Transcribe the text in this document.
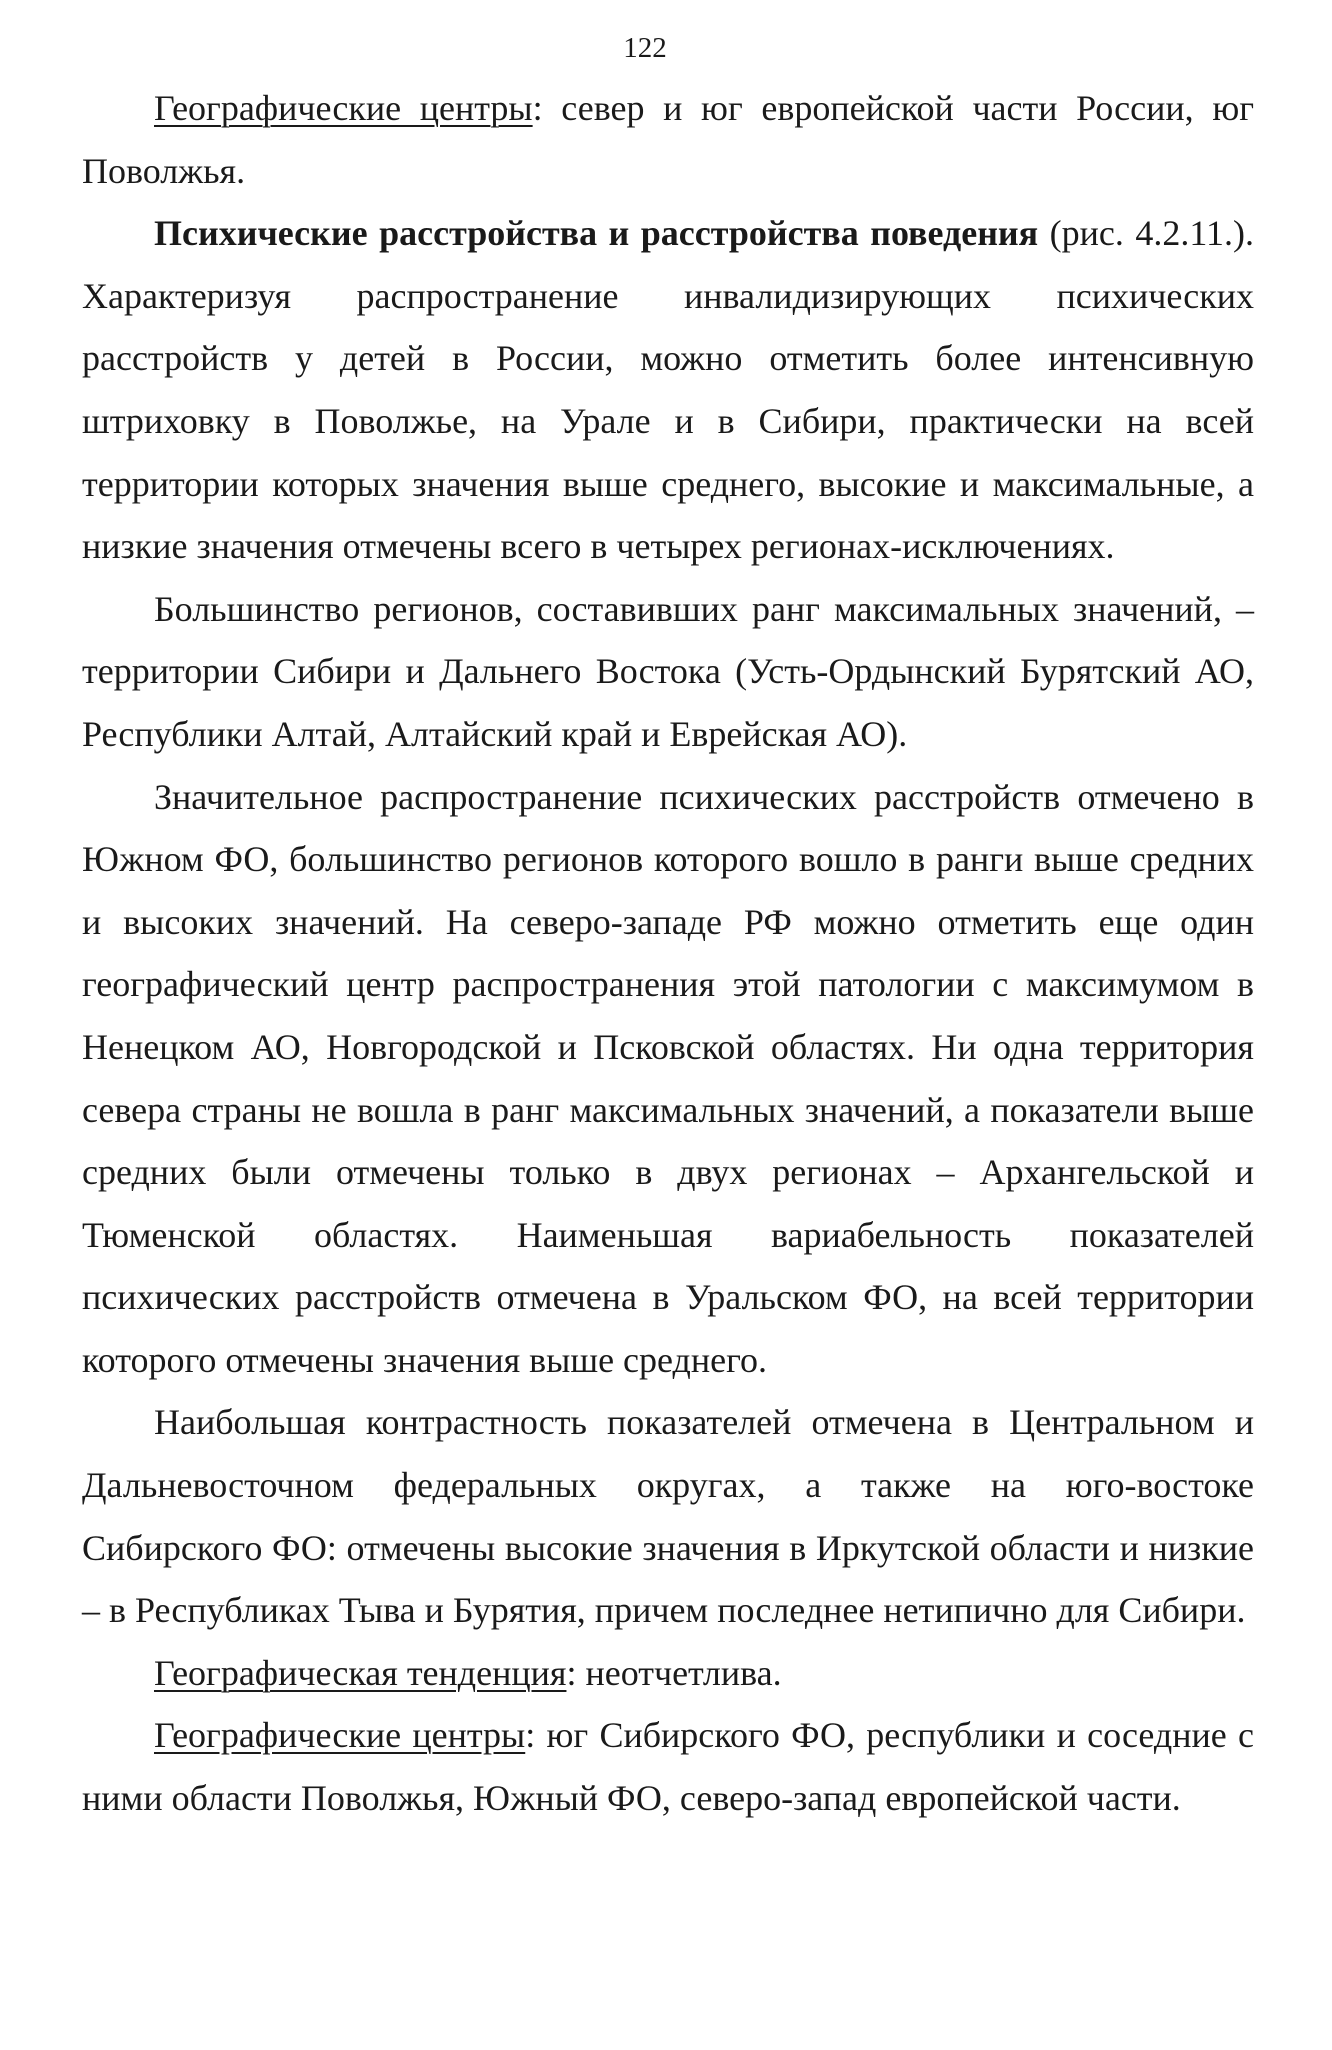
122

Географические центры: север и юг европейской части России, юг Поволжья.

Психические расстройства и расстройства поведения (рис. 4.2.11.). Характеризуя распространение инвалидизирующих психических расстройств у детей в России, можно отметить более интенсивную штриховку в Поволжье, на Урале и в Сибири, практически на всей территории которых значения выше среднего, высокие и максимальные, а низкие значения отмечены всего в четырех регионах-исключениях.

Большинство регионов, составивших ранг максимальных значений, – территории Сибири и Дальнего Востока (Усть-Ордынский Бурятский АО, Республики Алтай, Алтайский край и Еврейская АО).

Значительное распространение психических расстройств отмечено в Южном ФО, большинство регионов которого вошло в ранги выше средних и высоких значений. На северо-западе РФ можно отметить еще один географический центр распространения этой патологии с максимумом в Ненецком АО, Новгородской и Псковской областях. Ни одна территория севера страны не вошла в ранг максимальных значений, а показатели выше средних были отмечены только в двух регионах – Архангельской и Тюменской областях. Наименьшая вариабельность показателей психических расстройств отмечена в Уральском ФО, на всей территории которого отмечены значения выше среднего.

Наибольшая контрастность показателей отмечена в Центральном и Дальневосточном федеральных округах, а также на юго-востоке Сибирского ФО: отмечены высокие значения в Иркутской области и низкие – в Республиках Тыва и Бурятия, причем последнее нетипично для Сибири.

Географическая тенденция: неотчетлива.

Географические центры: юг Сибирского ФО, республики и соседние с ними области Поволжья, Южный ФО, северо-запад европейской части.
